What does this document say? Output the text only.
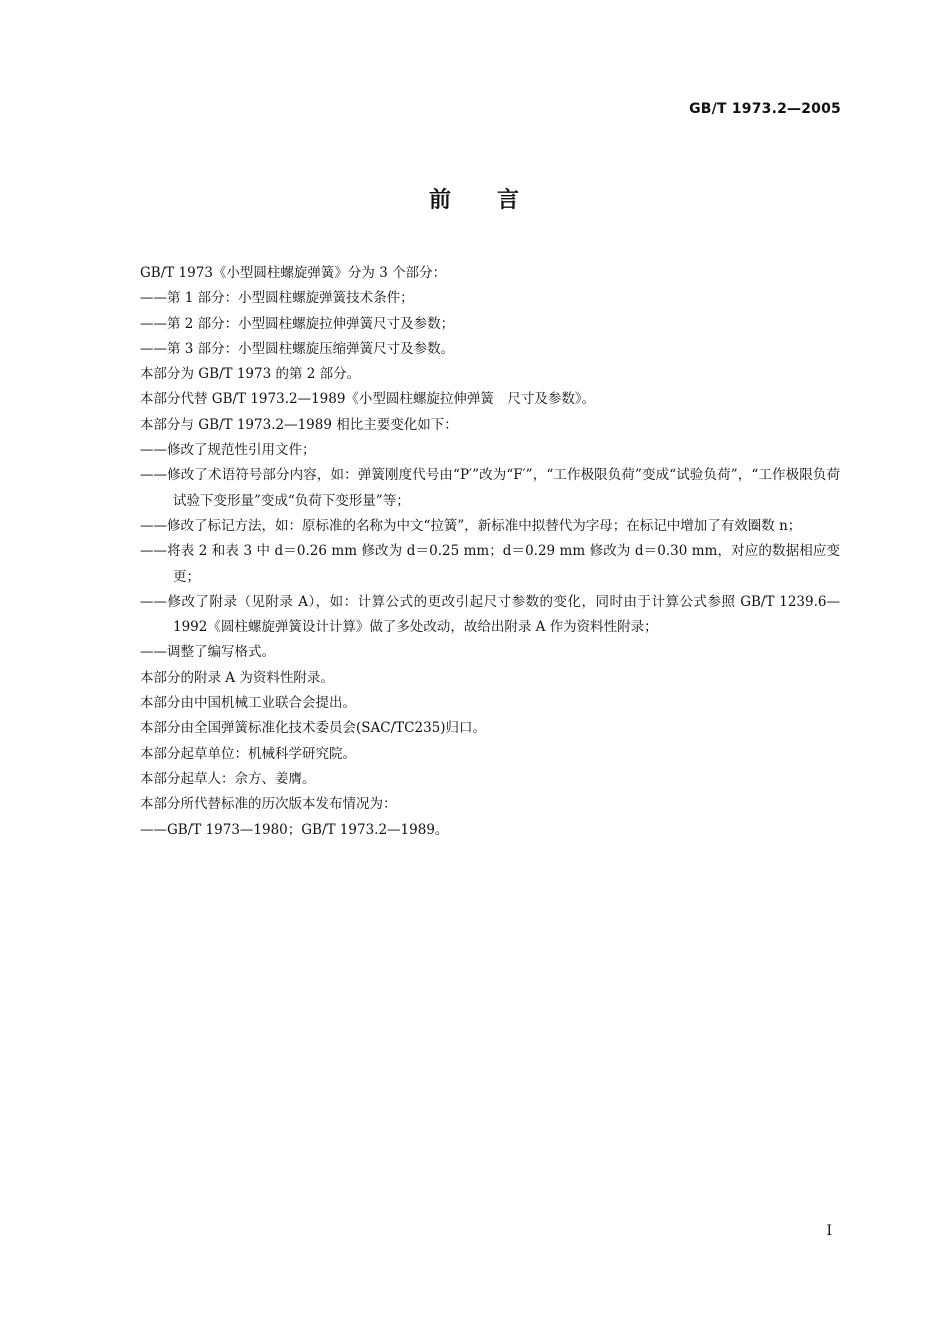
GB/T 1973.2—2005
前 言
GB/T 1973《小型圆柱螺旋弹簧》分为 3 个部分：
——第 1 部分：小型圆柱螺旋弹簧技术条件；
——第 2 部分：小型圆柱螺旋拉伸弹簧尺寸及参数；
——第 3 部分：小型圆柱螺旋压缩弹簧尺寸及参数。
本部分为 GB/T 1973 的第 2 部分。
本部分代替 GB/T 1973.2—1989《小型圆柱螺旋拉伸弹簧　尺寸及参数》。
本部分与 GB/T 1973.2—1989 相比主要变化如下：
——修改了规范性引用文件；
——修改了术语符号部分内容，如：弹簧刚度代号由“P′”改为“F′”，“工作极限负荷”变成“试验负荷”，“工作极限负荷试验下变形量”变成“负荷下变形量”等；
——修改了标记方法，如：原标准的名称为中文“拉簧”，新标准中拟替代为字母；在标记中增加了有效圈数 n；
——将表 2 和表 3 中 d＝0.26 mm 修改为 d＝0.25 mm；d＝0.29 mm 修改为 d＝0.30 mm，对应的数据相应变更；
——修改了附录（见附录 A），如：计算公式的更改引起尺寸参数的变化，同时由于计算公式参照 GB/T 1239.6—1992《圆柱螺旋弹簧设计计算》做了多处改动，故给出附录 A 作为资料性附录；
——调整了编写格式。
本部分的附录 A 为资料性附录。
本部分由中国机械工业联合会提出。
本部分由全国弹簧标准化技术委员会(SAC/TC235)归口。
本部分起草单位：机械科学研究院。
本部分起草人：佘方、姜膺。
本部分所代替标准的历次版本发布情况为：
——GB/T 1973—1980；GB/T 1973.2—1989。
I
